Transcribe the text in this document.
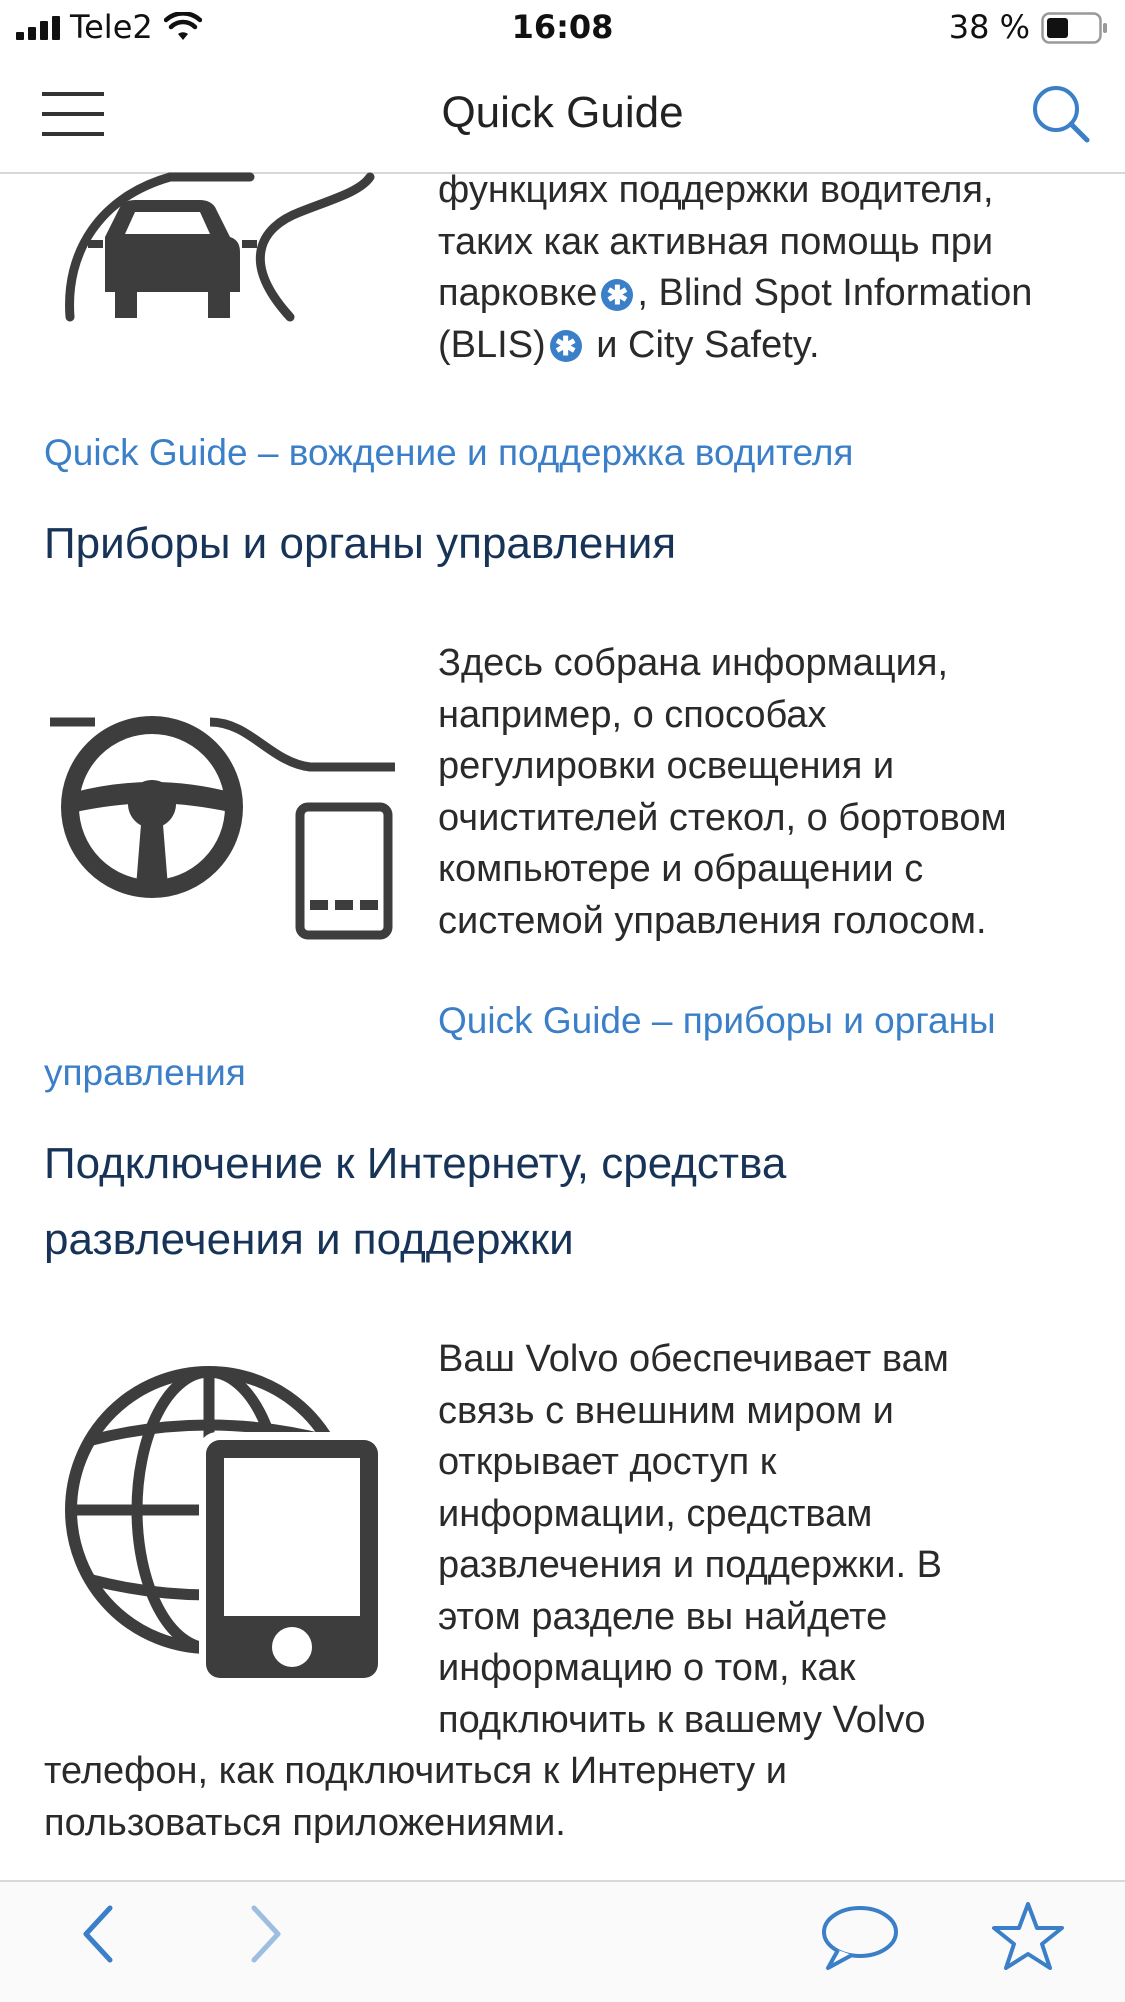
Tele2	16:08	38 %
Quick Guide
функциях поддержки водителя,
таких как активная помощь при
парковке ✱ , Blind Spot Information
(BLIS) ✱ и City Safety.
Quick Guide – вождение и поддержка водителя
Приборы и органы управления
Здесь собрана информация,
например, о способах
регулировки освещения и
очистителей стекол, о бортовом
компьютере и обращении с
системой управления голосом.
Quick Guide – приборы и органы
управления
Подключение к Интернету, средства
развлечения и поддержки
Ваш Volvo обеспечивает вам
связь с внешним миром и
открывает доступ к
информации, средствам
развлечения и поддержки. В
этом разделе вы найдете
информацию о том, как
подключить к вашему Volvo
телефон, как подключиться к Интернету и
пользоваться приложениями.
